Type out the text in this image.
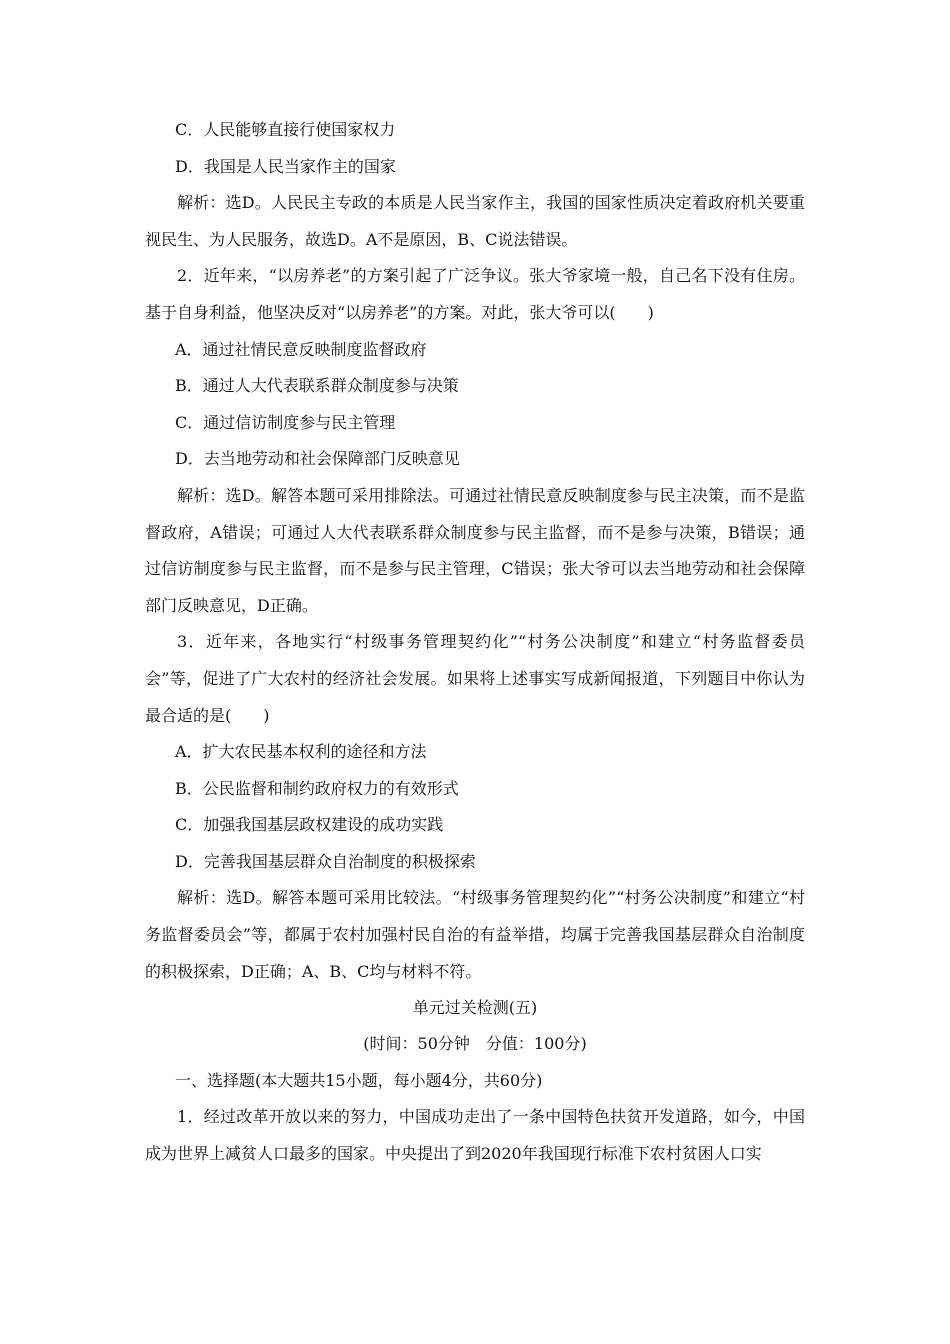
C．人民能够直接行使国家权力
D．我国是人民当家作主的国家
解析：选D。人民民主专政的本质是人民当家作主，我国的国家性质决定着政府机关要重视民生、为人民服务，故选D。A不是原因，B、C说法错误。
2．近年来，“以房养老”的方案引起了广泛争议。张大爷家境一般，自己名下没有住房。基于自身利益，他坚决反对“以房养老”的方案。对此，张大爷可以(　　)
A．通过社情民意反映制度监督政府
B．通过人大代表联系群众制度参与决策
C．通过信访制度参与民主管理
D．去当地劳动和社会保障部门反映意见
解析：选D。解答本题可采用排除法。可通过社情民意反映制度参与民主决策，而不是监督政府，A错误；可通过人大代表联系群众制度参与民主监督，而不是参与决策，B错误；通过信访制度参与民主监督，而不是参与民主管理，C错误；张大爷可以去当地劳动和社会保障部门反映意见，D正确。
3．近年来，各地实行“村级事务管理契约化”“村务公决制度”和建立“村务监督委员会”等，促进了广大农村的经济社会发展。如果将上述事实写成新闻报道，下列题目中你认为最合适的是(　　)
A．扩大农民基本权利的途径和方法
B．公民监督和制约政府权力的有效形式
C．加强我国基层政权建设的成功实践
D．完善我国基层群众自治制度的积极探索
解析：选D。解答本题可采用比较法。“村级事务管理契约化”“村务公决制度”和建立“村务监督委员会”等，都属于农村加强村民自治的有益举措，均属于完善我国基层群众自治制度的积极探索，D正确；A、B、C均与材料不符。
单元过关检测(五)
(时间：50分钟　分值：100分)
一、选择题(本大题共15小题，每小题4分，共60分)
1．经过改革开放以来的努力，中国成功走出了一条中国特色扶贫开发道路，如今，中国成为世界上减贫人口最多的国家。中央提出了到2020年我国现行标准下农村贫困人口实
